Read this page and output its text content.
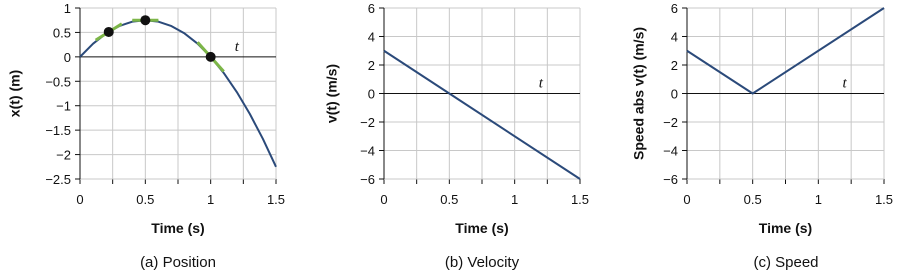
0	0.5	1	1.5
−2.5
−2
−1.5
−1
−0.5
0
0.5
1
t
Time (s)
x(t) (m)
(a) Position
0	0.5	1	1.5
−6
−4
−2
0
2
4
6
t
Time (s)
v(t) (m/s)
(b) Velocity
0	0.5	1	1.5
−6
−4
−2
0
2
4
6
t
Time (s)
Speed abs v(t) (m/s)
(c) Speed
